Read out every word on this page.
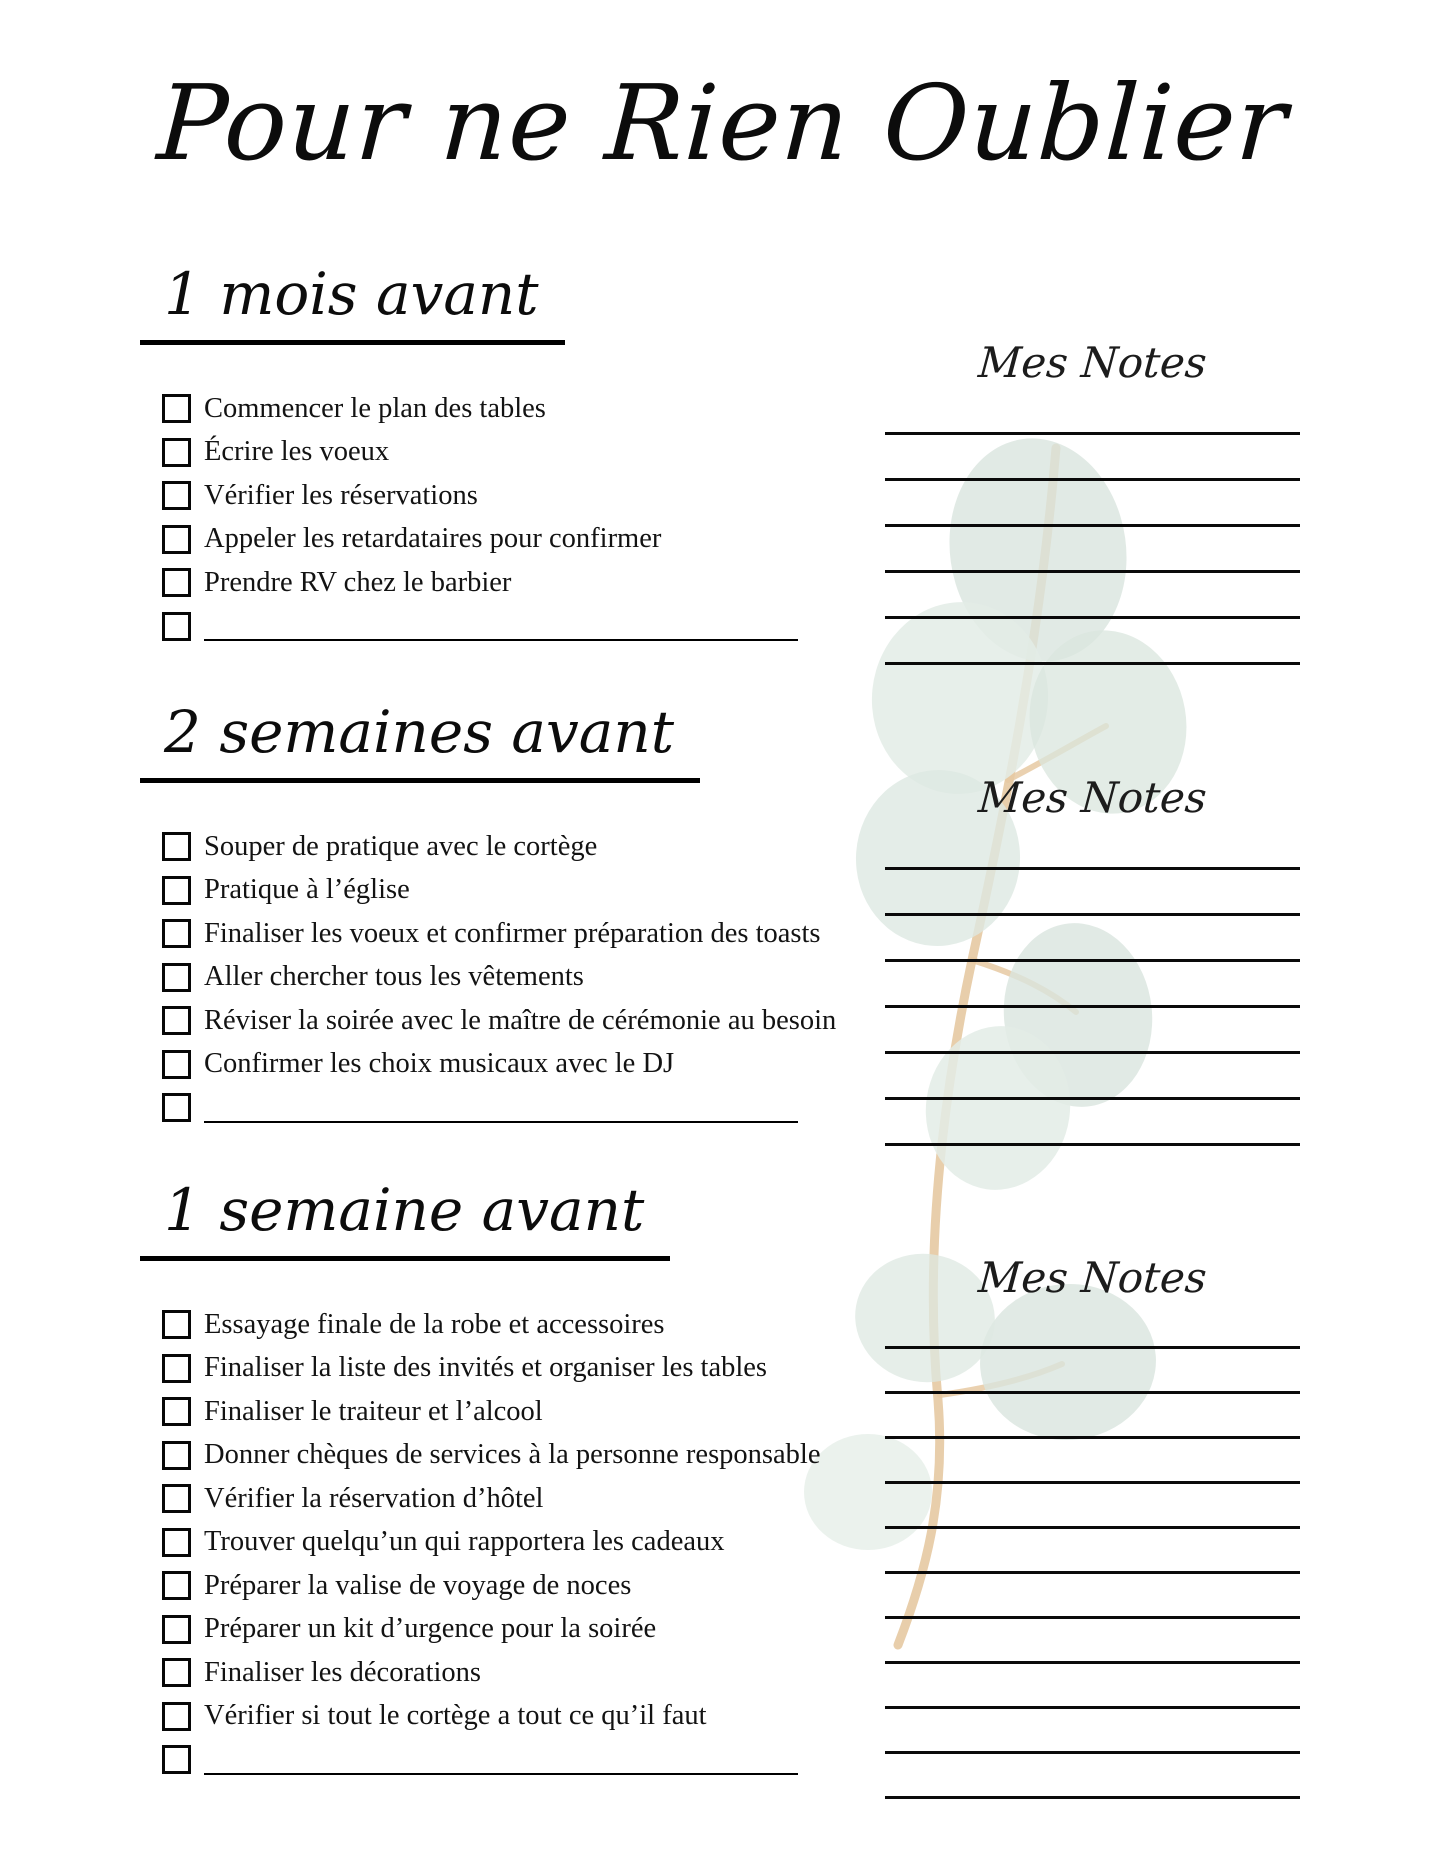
Pour ne Rien Oublier
1 mois avant
Commencer le plan des tables
Écrire les voeux
Vérifier les réservations
Appeler les retardataires pour confirmer
Prendre RV chez le barbier
2 semaines avant
Souper de pratique avec le cortège
Pratique à l’église
Finaliser les voeux et confirmer préparation des toasts
Aller chercher tous les vêtements
Réviser la soirée avec le maître de cérémonie au besoin
Confirmer les choix musicaux avec le DJ
1 semaine avant
Essayage finale de la robe et accessoires
Finaliser la liste des invités et organiser les tables
Finaliser le traiteur et l’alcool
Donner chèques de services à la personne responsable
Vérifier la réservation d’hôtel
Trouver quelqu’un qui rapportera les cadeaux
Préparer la valise de voyage de noces
Préparer un kit d’urgence pour la soirée
Finaliser les décorations
Vérifier si tout le cortège a tout ce qu’il faut
Mes Notes
Mes Notes
Mes Notes
